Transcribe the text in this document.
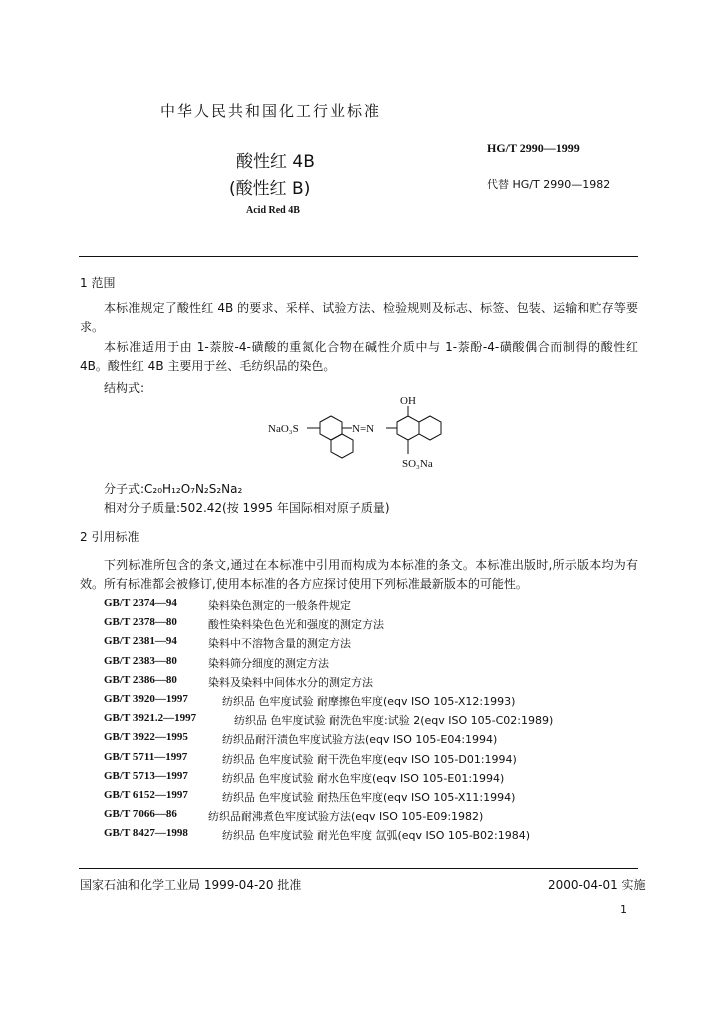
中华人民共和国化工行业标准
HG/T 2990—1999
酸性红 4B
(酸性红 B)	代替 HG/T 2990—1982
Acid Red 4B
1 范围
本标准规定了酸性红 4B 的要求、采样、试验方法、检验规则及标志、标签、包装、运输和贮存等要求。
本标准适用于由 1-萘胺-4-磺酸的重氮化合物在碱性介质中与 1-萘酚-4-磺酸偶合而制得的酸性红 4B。酸性红 4B 主要用于丝、毛纺织品的染色。
结构式:
NaO₃S	N=N
OH
SO₃Na
分子式:C₂₀H₁₂O₇N₂S₂Na₂
相对分子质量:502.42(按 1995 年国际相对原子质量)
2 引用标准
下列标准所包含的条文,通过在本标准中引用而构成为本标准的条文。本标准出版时,所示版本均为有效。所有标准都会被修订,使用本标准的各方应探讨使用下列标准最新版本的可能性。
GB/T 2374—94	染料染色测定的一般条件规定
GB/T 2378—80	酸性染料染色色光和强度的测定方法
GB/T 2381—94	染料中不溶物含量的测定方法
GB/T 2383—80	染料筛分细度的测定方法
GB/T 2386—80	染料及染料中间体水分的测定方法
GB/T 3920—1997	纺织品 色牢度试验 耐摩擦色牢度(eqv ISO 105-X12:1993)
GB/T 3921.2—1997	纺织品 色牢度试验 耐洗色牢度:试验 2(eqv ISO 105-C02:1989)
GB/T 3922—1995	纺织品耐汗渍色牢度试验方法(eqv ISO 105-E04:1994)
GB/T 5711—1997	纺织品 色牢度试验 耐干洗色牢度(eqv ISO 105-D01:1994)
GB/T 5713—1997	纺织品 色牢度试验 耐水色牢度(eqv ISO 105-E01:1994)
GB/T 6152—1997	纺织品 色牢度试验 耐热压色牢度(eqv ISO 105-X11:1994)
GB/T 7066—86	纺织品耐沸煮色牢度试验方法(eqv ISO 105-E09:1982)
GB/T 8427—1998	纺织品 色牢度试验 耐光色牢度 氙弧(eqv ISO 105-B02:1984)
国家石油和化学工业局 1999-04-20 批准	2000-04-01 实施
1
